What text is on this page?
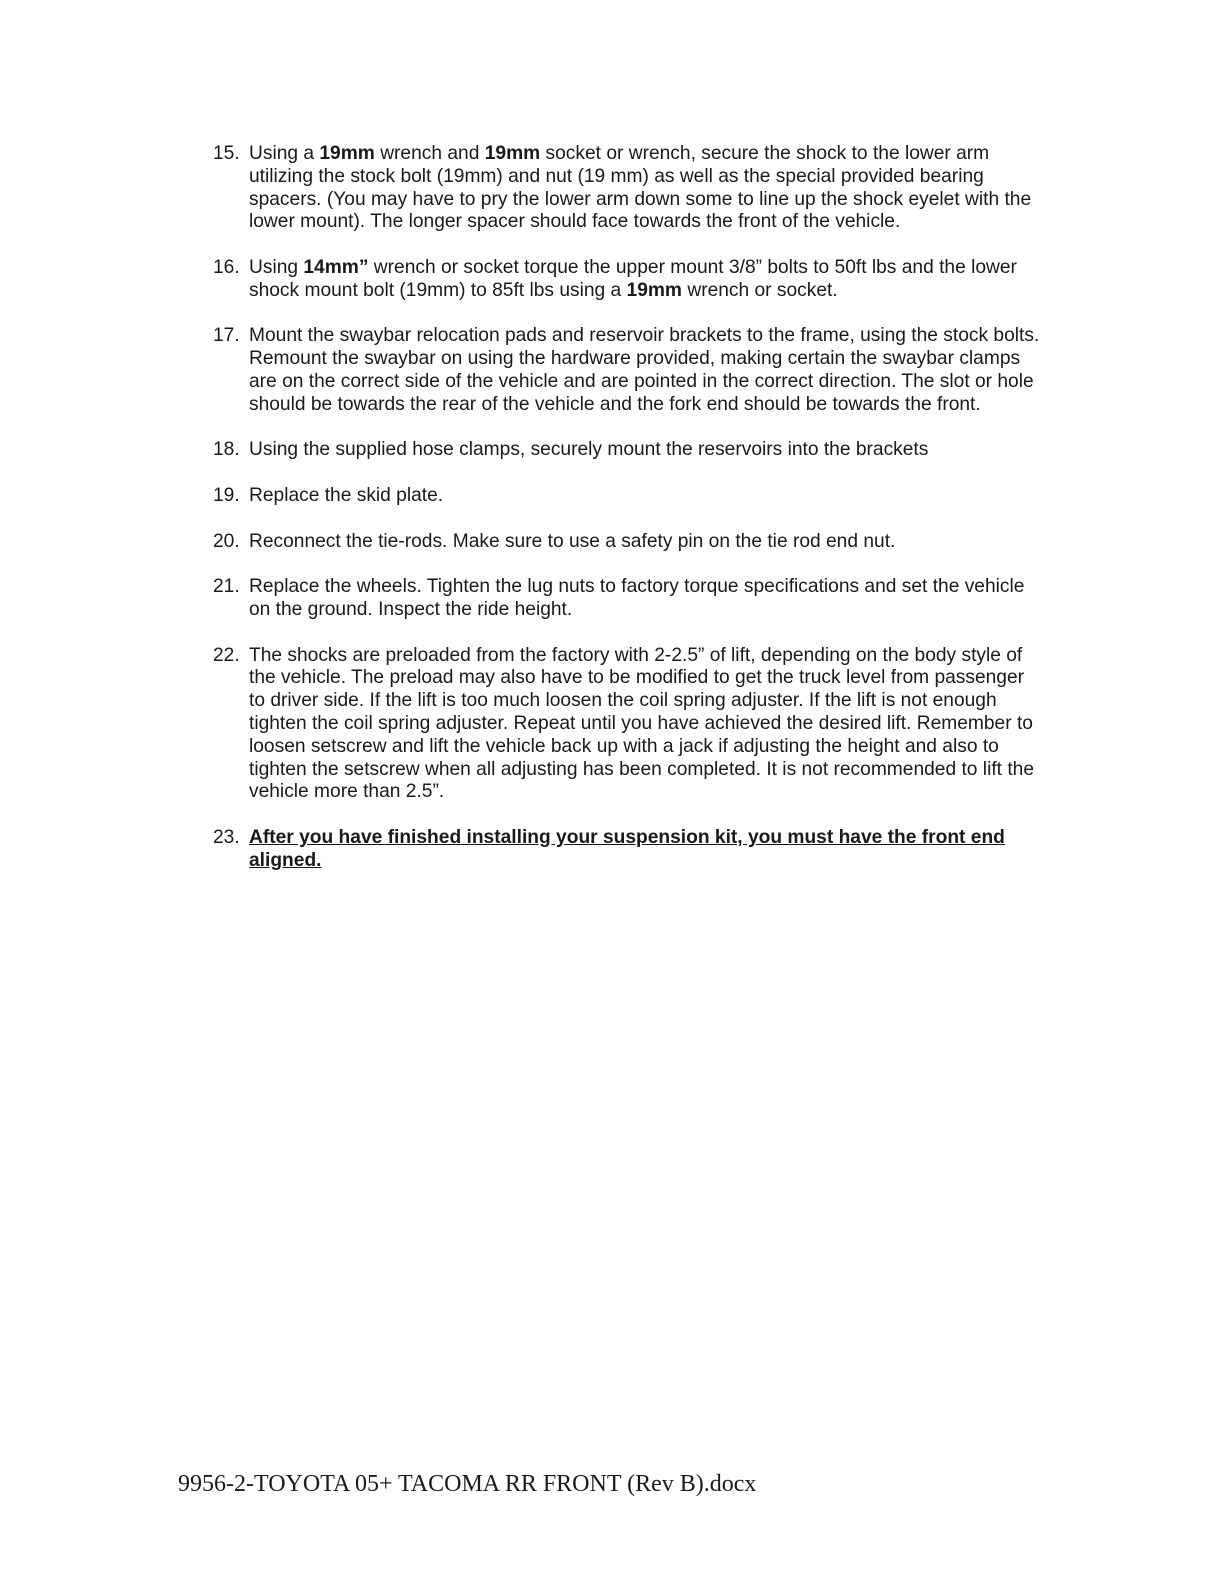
15. Using a 19mm wrench and 19mm socket or wrench, secure the shock to the lower arm utilizing the stock bolt (19mm) and nut (19 mm) as well as the special provided bearing spacers. (You may have to pry the lower arm down some to line up the shock eyelet with the lower mount). The longer spacer should face towards the front of the vehicle.
16. Using 14mm” wrench or socket torque the upper mount 3/8” bolts to 50ft lbs and the lower shock mount bolt (19mm) to 85ft lbs using a 19mm wrench or socket.
17. Mount the swaybar relocation pads and reservoir brackets to the frame, using the stock bolts. Remount the swaybar on using the hardware provided, making certain the swaybar clamps are on the correct side of the vehicle and are pointed in the correct direction. The slot or hole should be towards the rear of the vehicle and the fork end should be towards the front.
18. Using the supplied hose clamps, securely mount the reservoirs into the brackets
19. Replace the skid plate.
20. Reconnect the tie-rods. Make sure to use a safety pin on the tie rod end nut.
21. Replace the wheels. Tighten the lug nuts to factory torque specifications and set the vehicle on the ground. Inspect the ride height.
22. The shocks are preloaded from the factory with 2-2.5” of lift, depending on the body style of the vehicle. The preload may also have to be modified to get the truck level from passenger to driver side. If the lift is too much loosen the coil spring adjuster. If the lift is not enough tighten the coil spring adjuster. Repeat until you have achieved the desired lift. Remember to loosen setscrew and lift the vehicle back up with a jack if adjusting the height and also to tighten the setscrew when all adjusting has been completed. It is not recommended to lift the vehicle more than 2.5”.
23. After you have finished installing your suspension kit, you must have the front end aligned.
9956-2-TOYOTA 05+ TACOMA RR FRONT (Rev B).docx
